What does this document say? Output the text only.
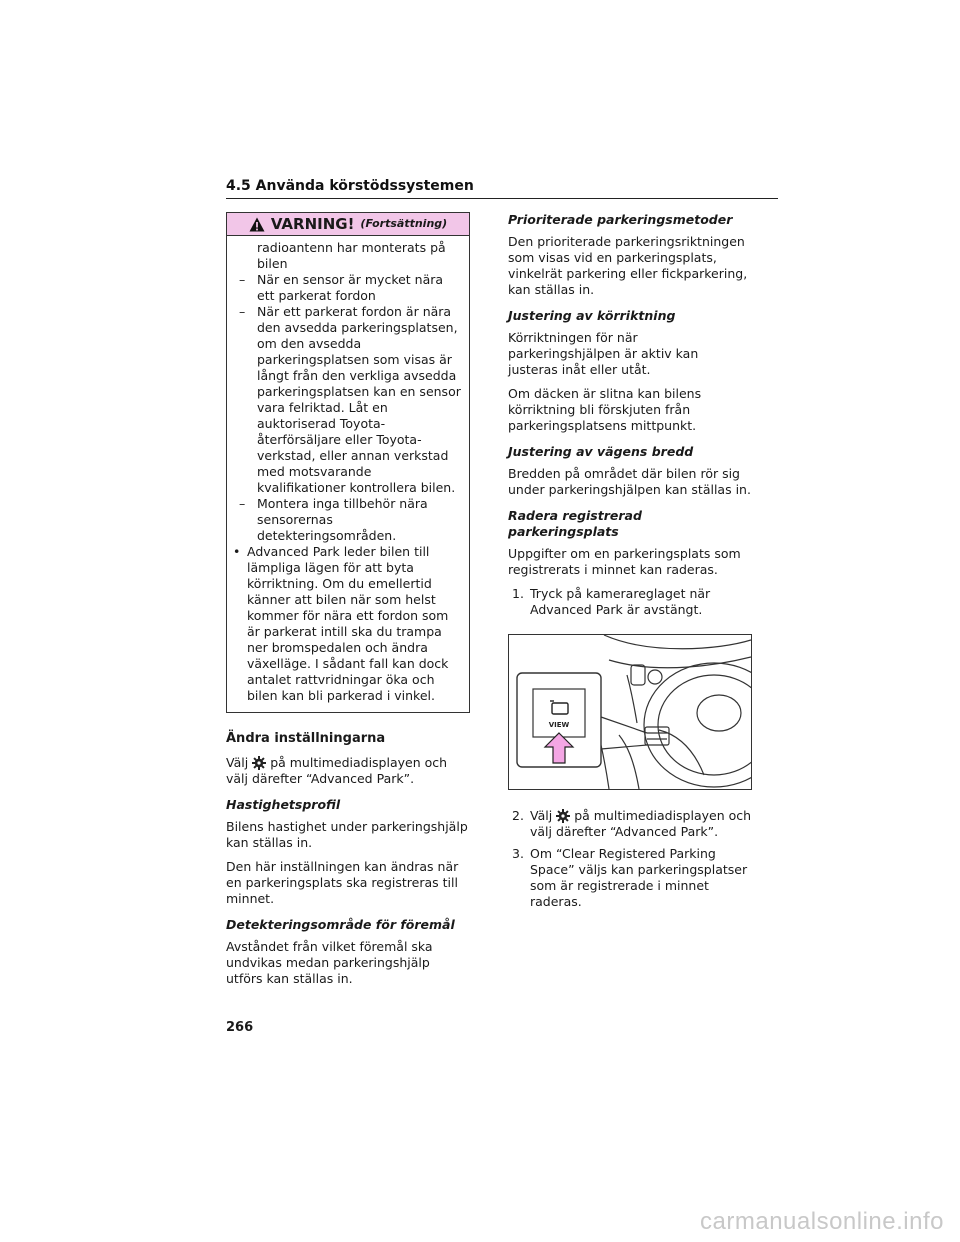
4.5 Använda körstödssystemen
VARNING! (Fortsättning)
radioantenn har monterats på bilen
– När en sensor är mycket nära ett parkerat fordon
– När ett parkerat fordon är nära den avsedda parkeringsplatsen, om den avsedda parkeringsplatsen som visas är långt från den verkliga avsedda parkeringsplatsen kan en sensor vara felriktad. Låt en auktoriserad Toyota-återförsäljare eller Toyota-verkstad, eller annan verkstad med motsvarande kvalifikationer kontrollera bilen.
– Montera inga tillbehör nära sensorernas detekteringsområden.
• Advanced Park leder bilen till lämpliga lägen för att byta körriktning. Om du emellertid känner att bilen när som helst kommer för nära ett fordon som är parkerat intill ska du trampa ner bromspedalen och ändra växelläge. I sådant fall kan dock antalet rattvridningar öka och bilen kan bli parkerad i vinkel.
Ändra inställningarna

Välj på multimediadisplayen och välj därefter “Advanced Park”.

Hastighetsprofil

Bilens hastighet under parkeringshjälp kan ställas in.

Den här inställningen kan ändras när en parkeringsplats ska registreras till minnet.

Detekteringsområde för föremål

Avståndet från vilket föremål ska undvikas medan parkeringshjälp utförs kan ställas in.

Prioriterade parkeringsmetoder

Den prioriterade parkeringsriktningen som visas vid en parkeringsplats, vinkelrät parkering eller fickparkering, kan ställas in.

Justering av körriktning

Körriktningen för när parkeringshjälpen är aktiv kan justeras inåt eller utåt.

Om däcken är slitna kan bilens körriktning bli förskjuten från parkeringsplatsens mittpunkt.

Justering av vägens bredd

Bredden på området där bilen rör sig under parkeringshjälpen kan ställas in.

Radera registrerad parkeringsplats

Uppgifter om en parkeringsplats som registrerats i minnet kan raderas.

1. Tryck på kamerareglaget när Advanced Park är avstängt.
VIEW
2. Välj på multimediadisplayen och välj därefter “Advanced Park”.
3. Om “Clear Registered Parking Space” väljs kan parkeringsplatser som är registrerade i minnet raderas.
266
carmanualsonline.info
